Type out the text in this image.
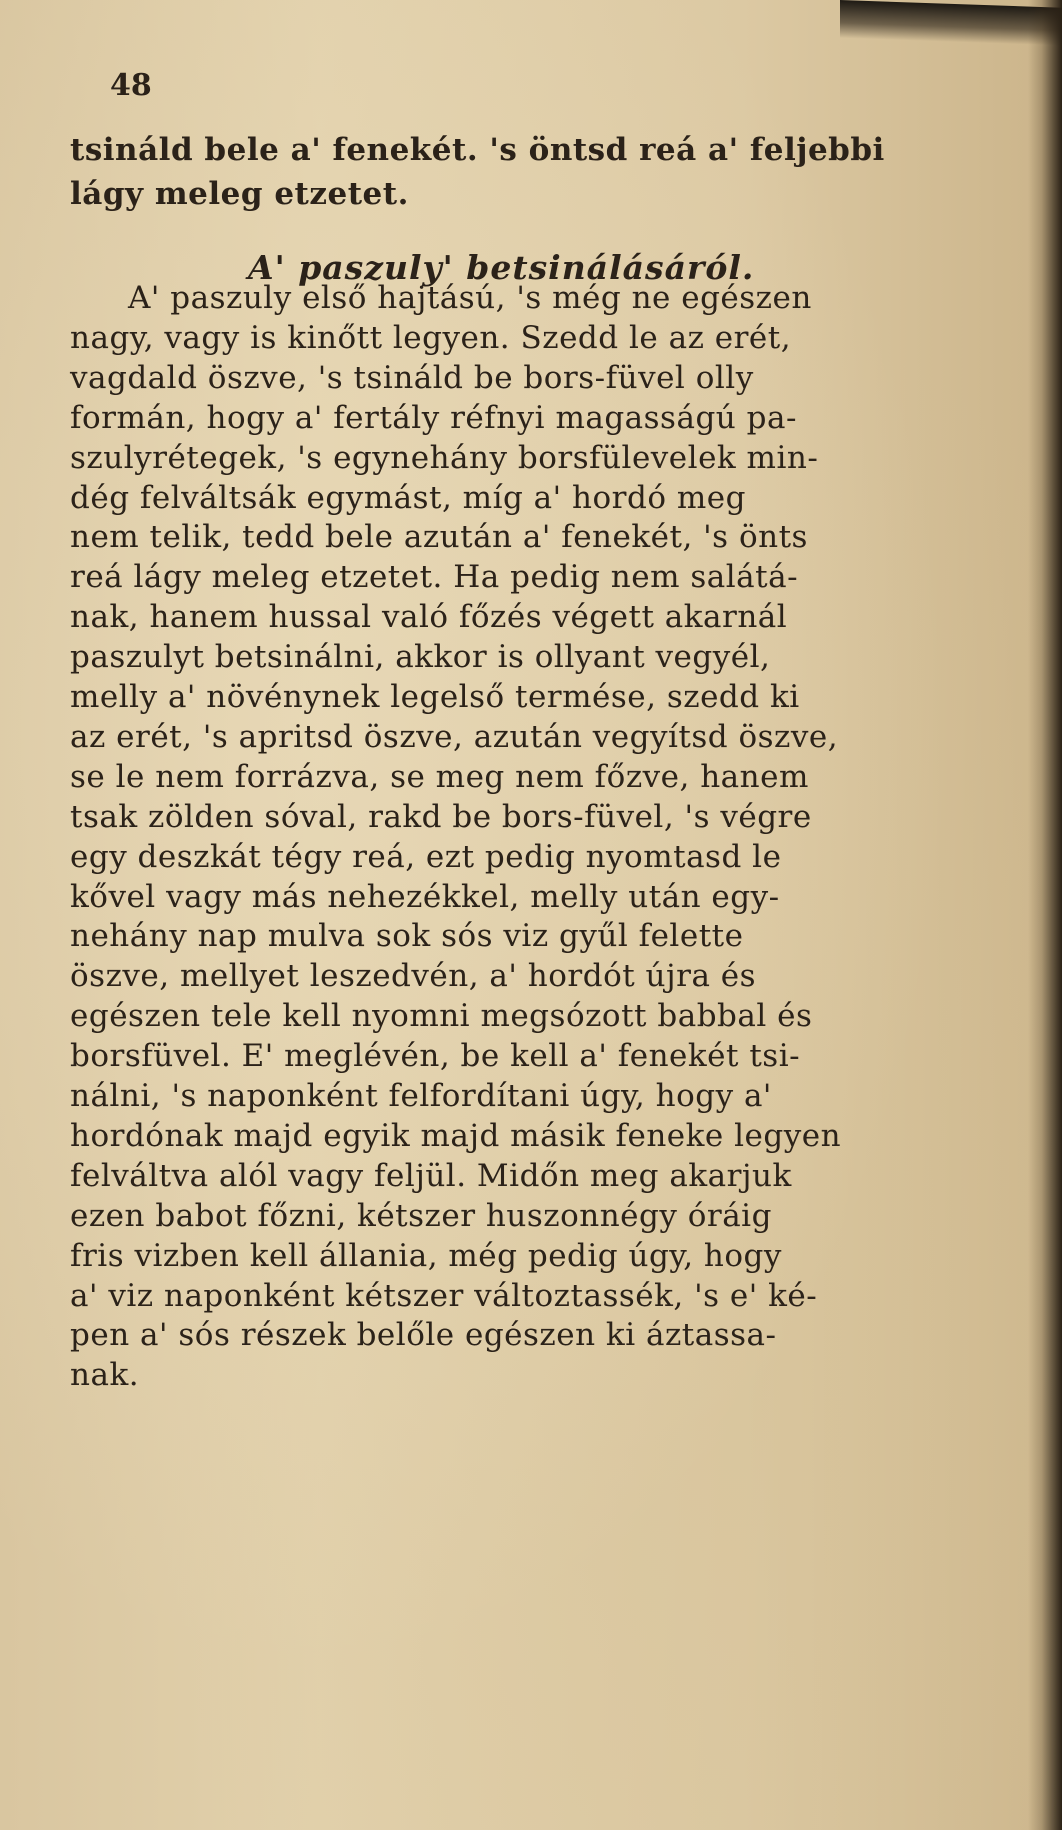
48
tsináld bele a' fenekét. 's öntsd reá a' feljebbi
lágy meleg etzetet.
A' paszuly' betsinálásáról.
A' paszuly első hajtású, 's még ne egészen
nagy, vagy is kinőtt legyen. Szedd le az erét,
vagdald öszve, 's tsináld be bors-füvel olly
formán, hogy a' fertály réfnyi magasságú pa-
szulyrétegek, 's egynehány borsfülevelek min-
dég felváltsák egymást, míg a' hordó meg
nem telik, tedd bele azután a' fenekét, 's önts
reá lágy meleg etzetet. Ha pedig nem salátá-
nak, hanem hussal való főzés végett akarnál
paszulyt betsinálni, akkor is ollyant vegyél,
melly a' növénynek legelső termése, szedd ki
az erét, 's apritsd öszve, azután vegyítsd öszve,
se le nem forrázva, se meg nem főzve, hanem
tsak zölden sóval, rakd be bors-füvel, 's végre
egy deszkát tégy reá, ezt pedig nyomtasd le
kővel vagy más nehezékkel, melly után egy-
nehány nap mulva sok sós viz gyűl felette
öszve, mellyet leszedvén, a' hordót újra és
egészen tele kell nyomni megsózott babbal és
borsfüvel. E' meglévén, be kell a' fenekét tsi-
nálni, 's naponként felfordítani úgy, hogy a'
hordónak majd egyik majd másik feneke legyen
felváltva alól vagy feljül. Midőn meg akarjuk
ezen babot főzni, kétszer huszonnégy óráig
fris vizben kell állania, még pedig úgy, hogy
a' viz naponként kétszer változtassék, 's e' ké-
pen a' sós részek belőle egészen ki áztassa-
nak.
